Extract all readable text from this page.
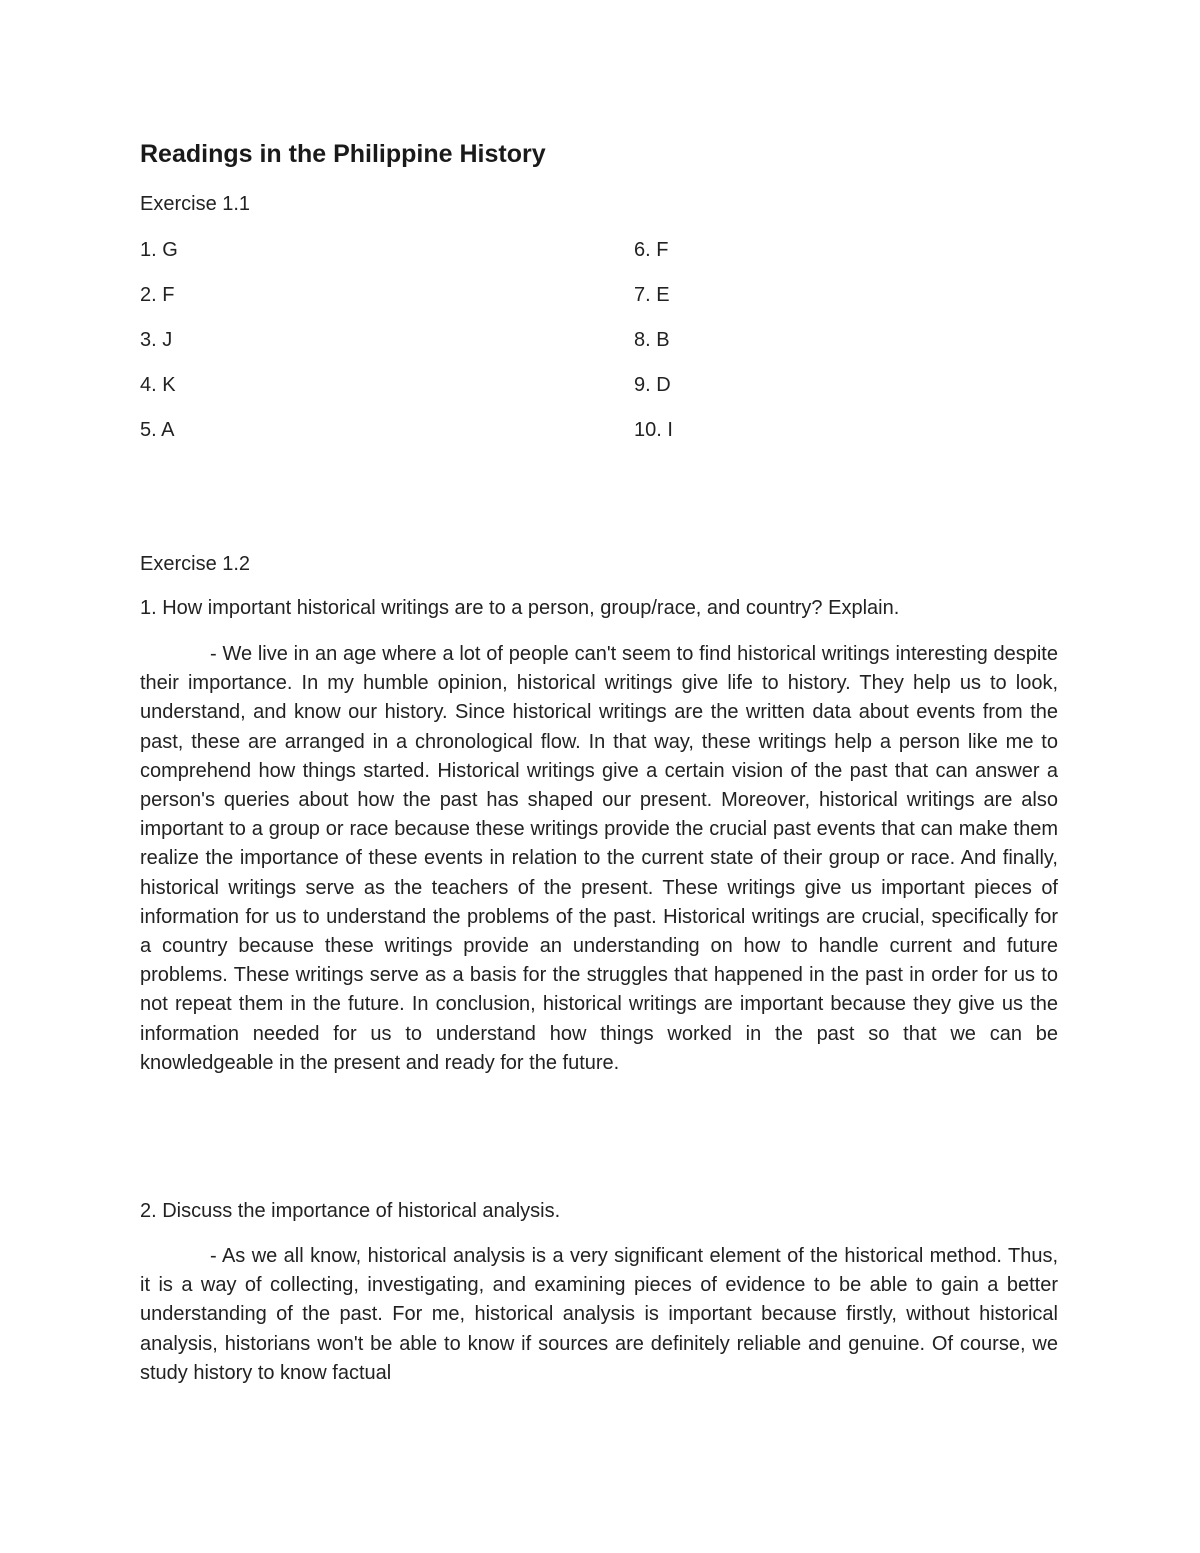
Readings in the Philippine History

Exercise 1.1

1. G

2. F

3. J

4. K

5. A

6. F

7. E

8. B

9. D

10. I

Exercise 1.2

1. How important historical writings are to a person, group/race, and country? Explain.

- We live in an age where a lot of people can't seem to find historical writings interesting despite their importance. In my humble opinion, historical writings give life to history. They help us to look, understand, and know our history. Since historical writings are the written data about events from the past, these are arranged in a chronological flow. In that way, these writings help a person like me to comprehend how things started. Historical writings give a certain vision of the past that can answer a person's queries about how the past has shaped our present. Moreover, historical writings are also important to a group or race because these writings provide the crucial past events that can make them realize the importance of these events in relation to the current state of their group or race. And finally, historical writings serve as the teachers of the present. These writings give us important pieces of information for us to understand the problems of the past. Historical writings are crucial, specifically for a country because these writings provide an understanding on how to handle current and future problems. These writings serve as a basis for the struggles that happened in the past in order for us to not repeat them in the future. In conclusion, historical writings are important because they give us the information needed for us to understand how things worked in the past so that we can be knowledgeable in the present and ready for the future.

2. Discuss the importance of historical analysis.

- As we all know, historical analysis is a very significant element of the historical method. Thus, it is a way of collecting, investigating, and examining pieces of evidence to be able to gain a better understanding of the past. For me, historical analysis is important because firstly, without historical analysis, historians won't be able to know if sources are definitely reliable and genuine. Of course, we study history to know factual
